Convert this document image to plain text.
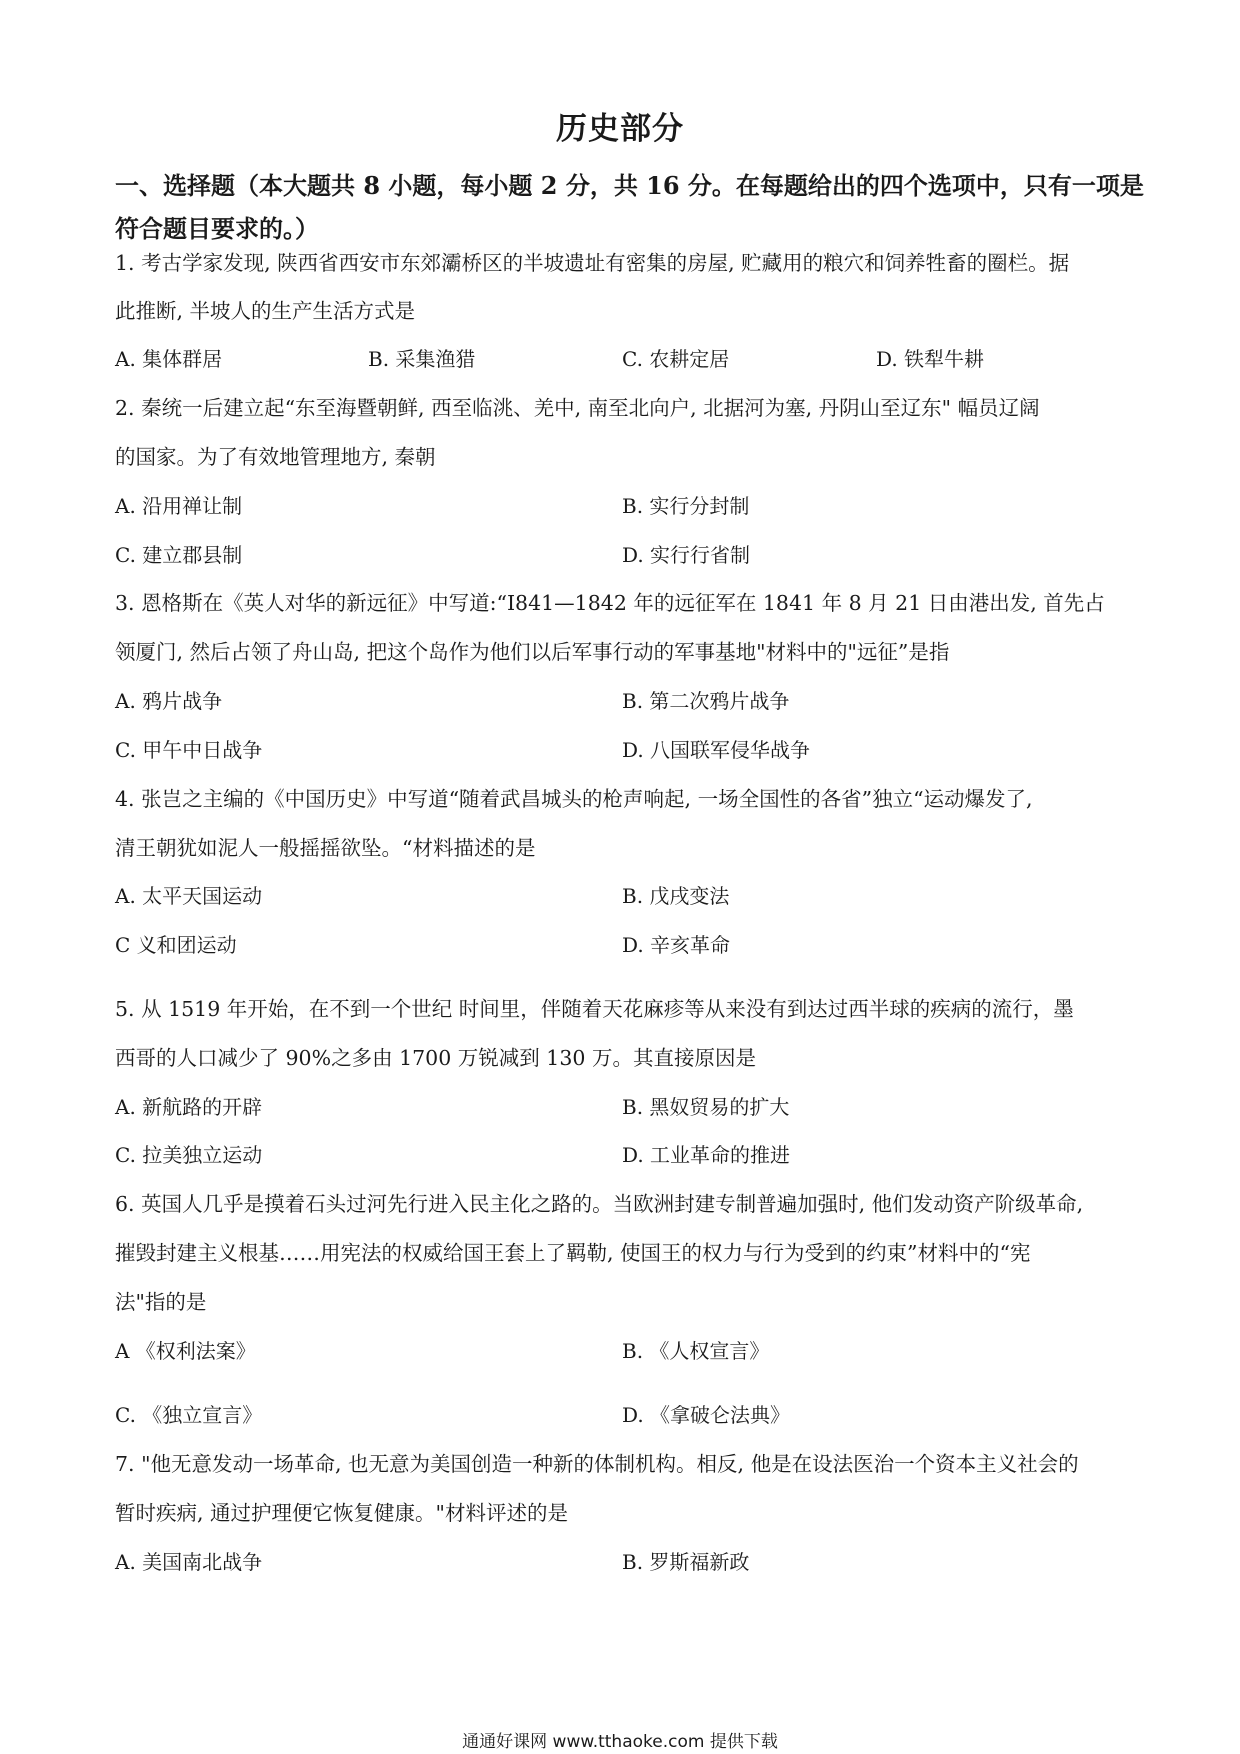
历史部分
一、选择题（本大题共 8 小题，每小题 2 分，共 16 分。在每题给出的四个选项中，只有一项是符合题目要求的。）
1. 考古学家发现, 陕西省西安市东郊灞桥区的半坡遗址有密集的房屋, 贮藏用的粮穴和饲养牲畜的圈栏。据
此推断, 半坡人的生产生活方式是
A. 集体群居	B. 采集渔猎	C. 农耕定居	D. 铁犁牛耕
2. 秦统一后建立起“东至海暨朝鲜, 西至临洮、羌中, 南至北向户, 北据河为塞, 丹阴山至辽东" 幅员辽阔
的国家。为了有效地管理地方, 秦朝
A. 沿用禅让制	B. 实行分封制
C. 建立郡县制	D. 实行行省制
3. 恩格斯在《英人对华的新远征》中写道:“I841—1842 年的远征军在 1841 年 8 月 21 日由港出发, 首先占
领厦门, 然后占领了舟山岛, 把这个岛作为他们以后军事行动的军事基地"材料中的"远征”是指
A. 鸦片战争	B. 第二次鸦片战争
C. 甲午中日战争	D. 八国联军侵华战争
4. 张岂之主编的《中国历史》中写道“随着武昌城头的枪声响起, 一场全国性的各省”独立“运动爆发了,
清王朝犹如泥人一般摇摇欲坠。“材料描述的是
A. 太平天国运动	B. 戊戌变法
C 义和团运动	D. 辛亥革命
5. 从 1519 年开始，在不到一个世纪 时间里，伴随着天花麻疹等从来没有到达过西半球的疾病的流行，墨
西哥的人口减少了 90%之多由 1700 万锐减到 130 万。其直接原因是
A. 新航路的开辟	B. 黑奴贸易的扩大
C. 拉美独立运动	D. 工业革命的推进
6. 英国人几乎是摸着石头过河先行进入民主化之路的。当欧洲封建专制普遍加强时, 他们发动资产阶级革命,
摧毁封建主义根基……用宪法的权威给国王套上了羁勒, 使国王的权力与行为受到的约束”材料中的“宪
法"指的是
A 《权利法案》	B. 《人权宣言》
C. 《独立宣言》	D. 《拿破仑法典》
7. "他无意发动一场革命, 也无意为美国创造一种新的体制机构。相反, 他是在设法医治一个资本主义社会的
暂时疾病, 通过护理便它恢复健康。"材料评述的是
A. 美国南北战争	B. 罗斯福新政
通通好课网 www.tthaoke.com 提供下载
